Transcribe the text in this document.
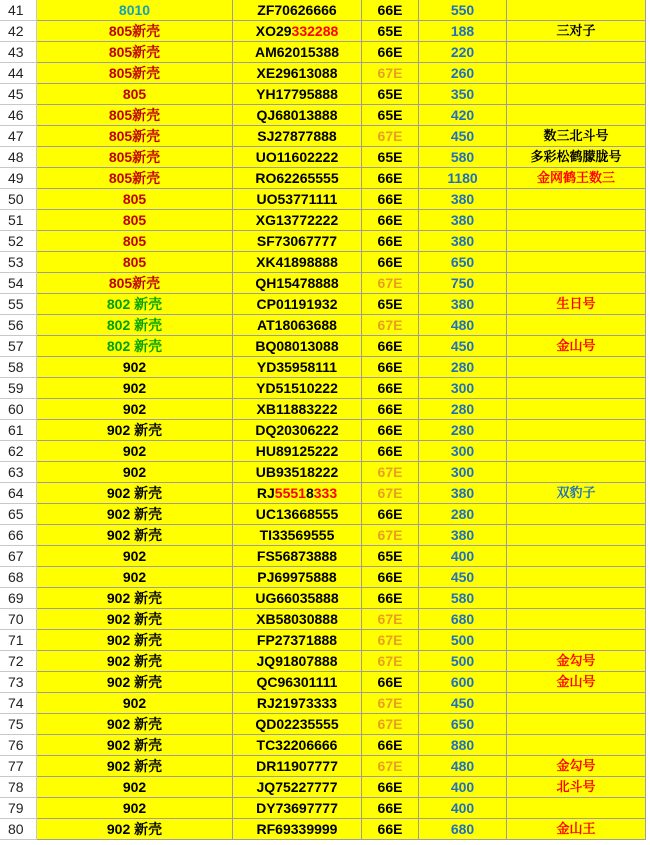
41	8010	ZF70626666	66E	550
42	805新壳	XO29332288	65E	188	三对子
43	805新壳	AM62015388	66E	220
44	805新壳	XE29613088	67E	260
45	805	YH17795888	65E	350
46	805新壳	QJ68013888	65E	420
47	805新壳	SJ27877888	67E	450	数三北斗号
48	805新壳	UO11602222	65E	580	多彩松鹤朦胧号
49	805新壳	RO62265555	66E	1180	金网鹤王数三
50	805	UO53771111	66E	380
51	805	XG13772222	66E	380
52	805	SF73067777	66E	380
53	805	XK41898888	66E	650
54	805新壳	QH15478888	67E	750
55	802 新壳	CP01191932	65E	380	生日号
56	802 新壳	AT18063688	67E	480
57	802 新壳	BQ08013088	66E	450	金山号
58	902	YD35958111	66E	280
59	902	YD51510222	66E	300
60	902	XB11883222	66E	280
61	902 新壳	DQ20306222	66E	280
62	902	HU89125222	66E	300
63	902	UB93518222	67E	300
64	902 新壳	RJ55518333	67E	380	双豹子
65	902 新壳	UC13668555	66E	280
66	902 新壳	TI33569555	67E	380
67	902	FS56873888	65E	400
68	902	PJ69975888	66E	450
69	902 新壳	UG66035888	66E	580
70	902 新壳	XB58030888	67E	680
71	902 新壳	FP27371888	67E	500
72	902 新壳	JQ91807888	67E	500	金勾号
73	902 新壳	QC96301111	66E	600	金山号
74	902	RJ21973333	67E	450
75	902 新壳	QD02235555	67E	650
76	902 新壳	TC32206666	66E	880
77	902 新壳	DR11907777	67E	480	金勾号
78	902	JQ75227777	66E	400	北斗号
79	902	DY73697777	66E	400
80	902 新壳	RF69339999	66E	680	金山王
